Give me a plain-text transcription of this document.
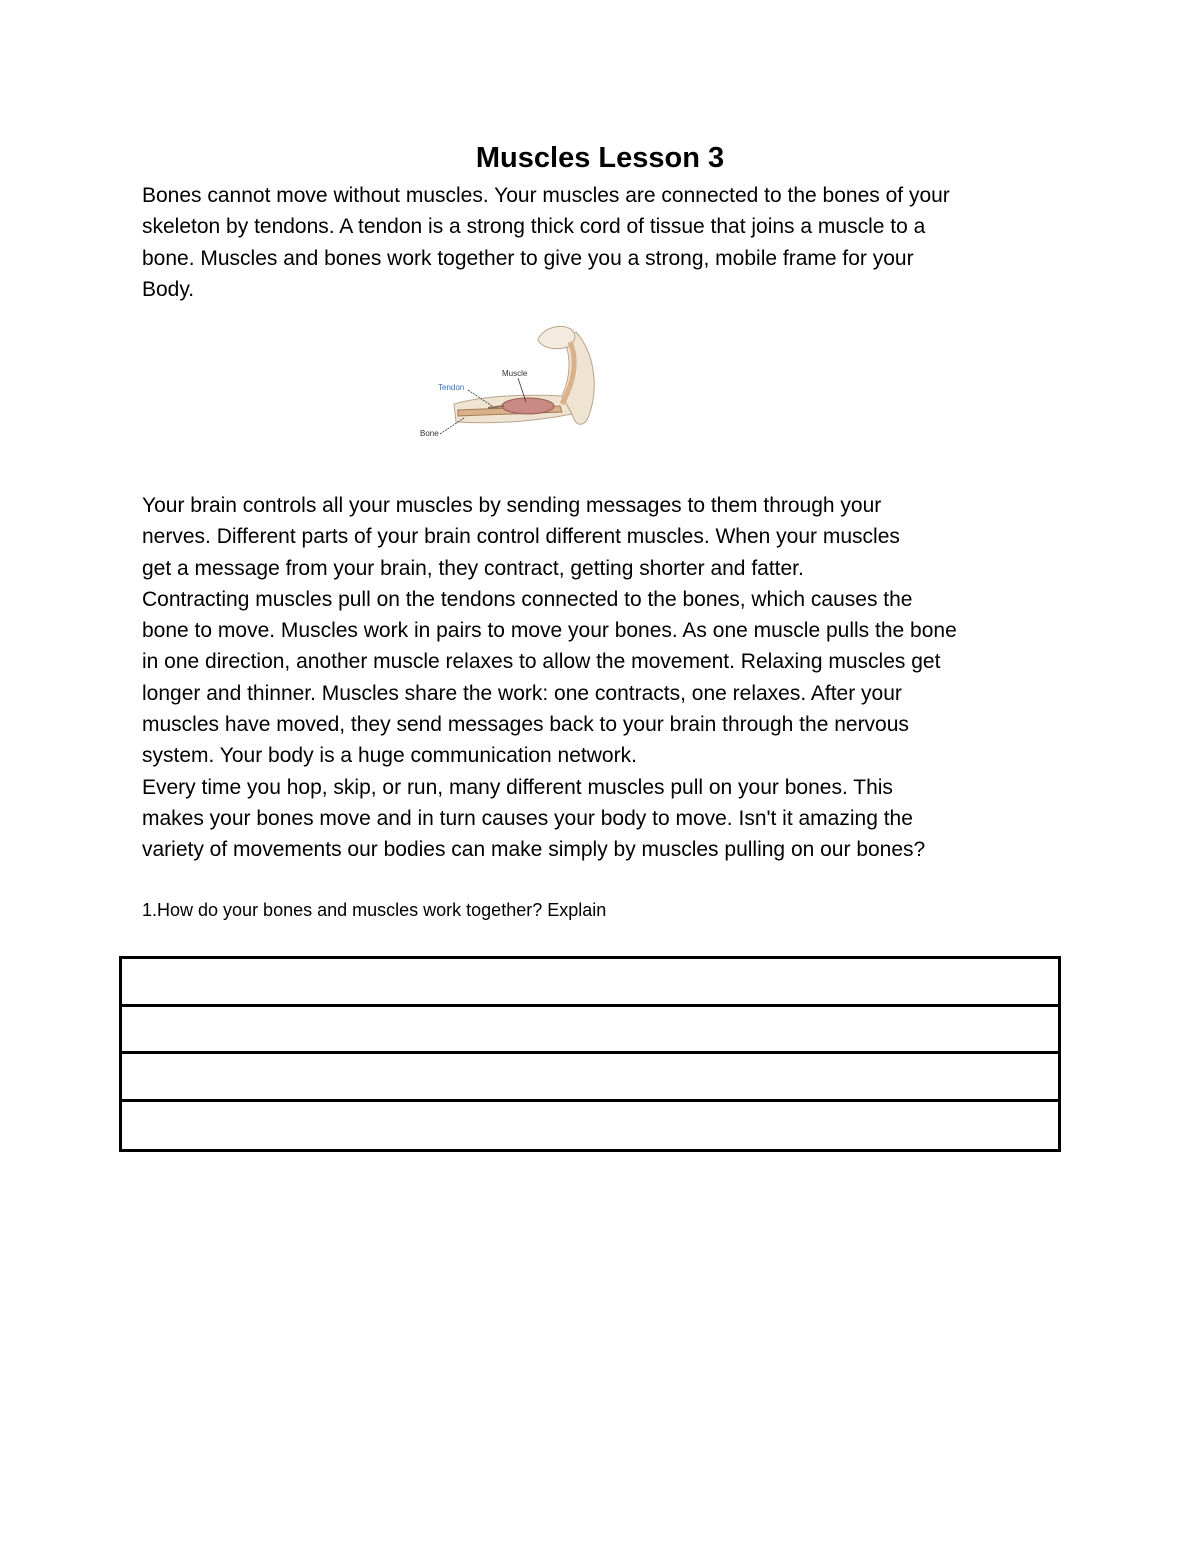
Muscles Lesson 3
Bones cannot move without muscles. Your muscles are connected to the bones of your
skeleton by tendons. A tendon is a strong thick cord of tissue that joins a muscle to a
bone. Muscles and bones work together to give you a strong, mobile frame for your
Body.
Muscle
Tendon
Bone
Your brain controls all your muscles by sending messages to them through your
nerves. Different parts of your brain control different muscles. When your muscles
get a message from your brain, they contract, getting shorter and fatter.
Contracting muscles pull on the tendons connected to the bones, which causes the
bone to move. Muscles work in pairs to move your bones. As one muscle pulls the bone
in one direction, another muscle relaxes to allow the movement. Relaxing muscles get
longer and thinner. Muscles share the work: one contracts, one relaxes. After your
muscles have moved, they send messages back to your brain through the nervous
system. Your body is a huge communication network.
Every time you hop, skip, or run, many different muscles pull on your bones. This
makes your bones move and in turn causes your body to move. Isn't it amazing the
variety of movements our bodies can make simply by muscles pulling on our bones?

1.How do your bones and muscles work together? Explain
